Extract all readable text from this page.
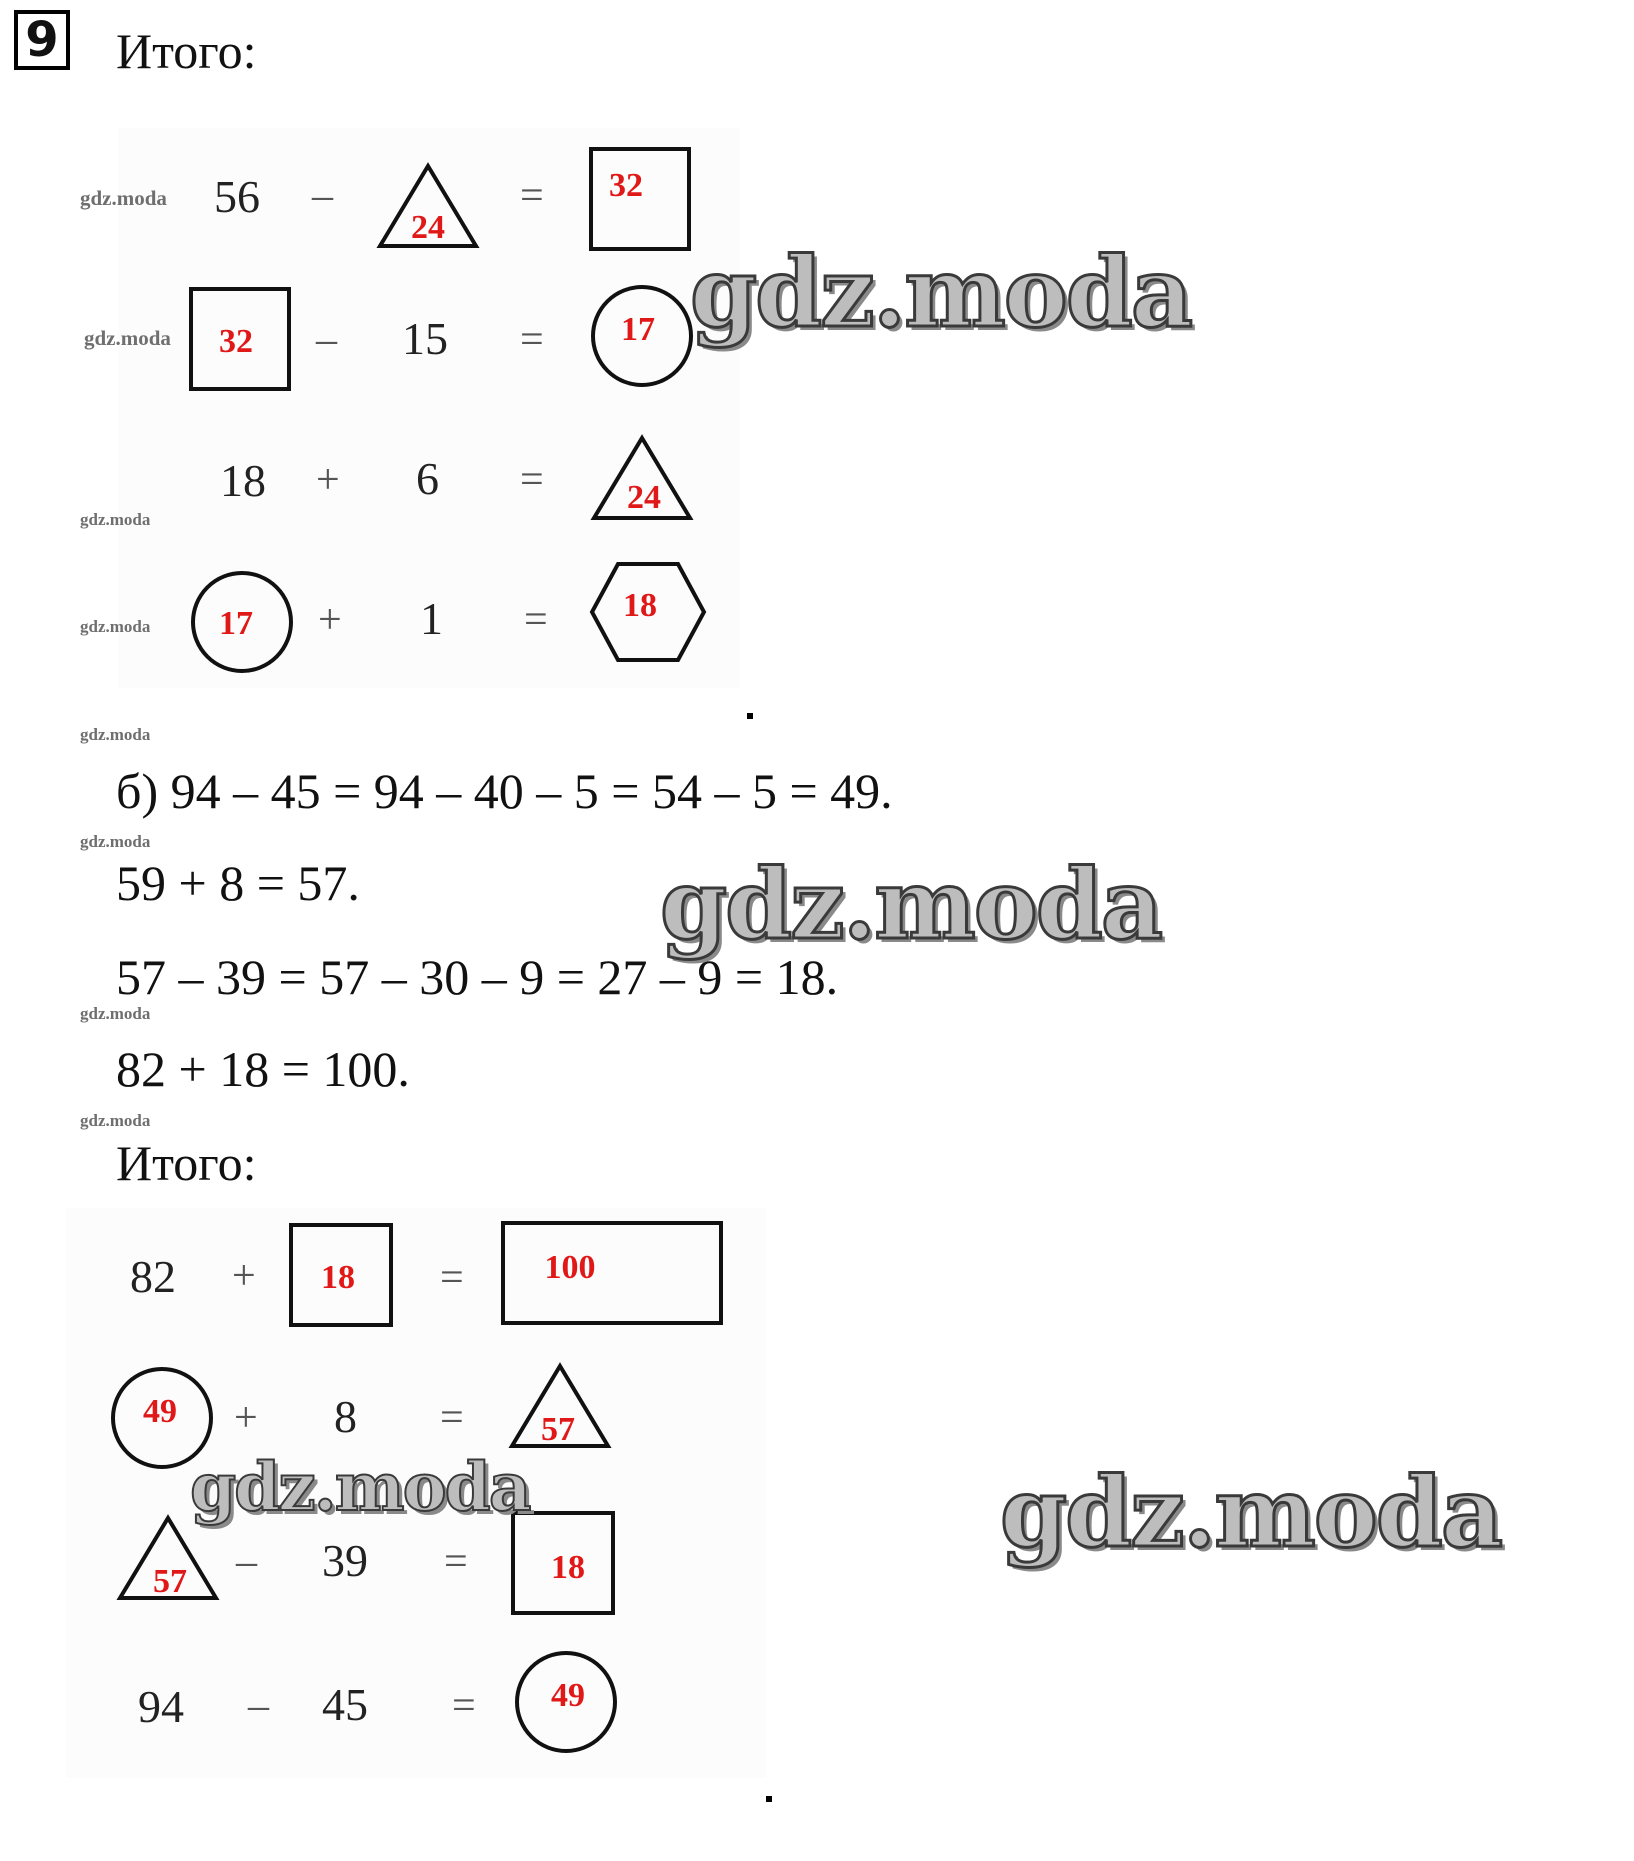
9 Итого:
56 –
24
= 32
32 – 15 = 17
18 + 6 = 24
17 + 1 = 18
б) 94 – 45 = 94 – 40 – 5 = 54 – 5 = 49.
59 + 8 = 57.
57 – 39 = 57 – 30 – 9 = 27 – 9 = 18.
82 + 18 = 100.
Итого:
82 + 18 = 100
49 + 8 = 57
57 – 39 = 18
94 – 45 = 49
gdz.moda
gdz.moda
gdz.moda
gdz.moda
gdz.moda
gdz.moda
gdz.moda
gdz.moda
gdz.moda
gdz.moda
gdz.moda	gdz.moda
